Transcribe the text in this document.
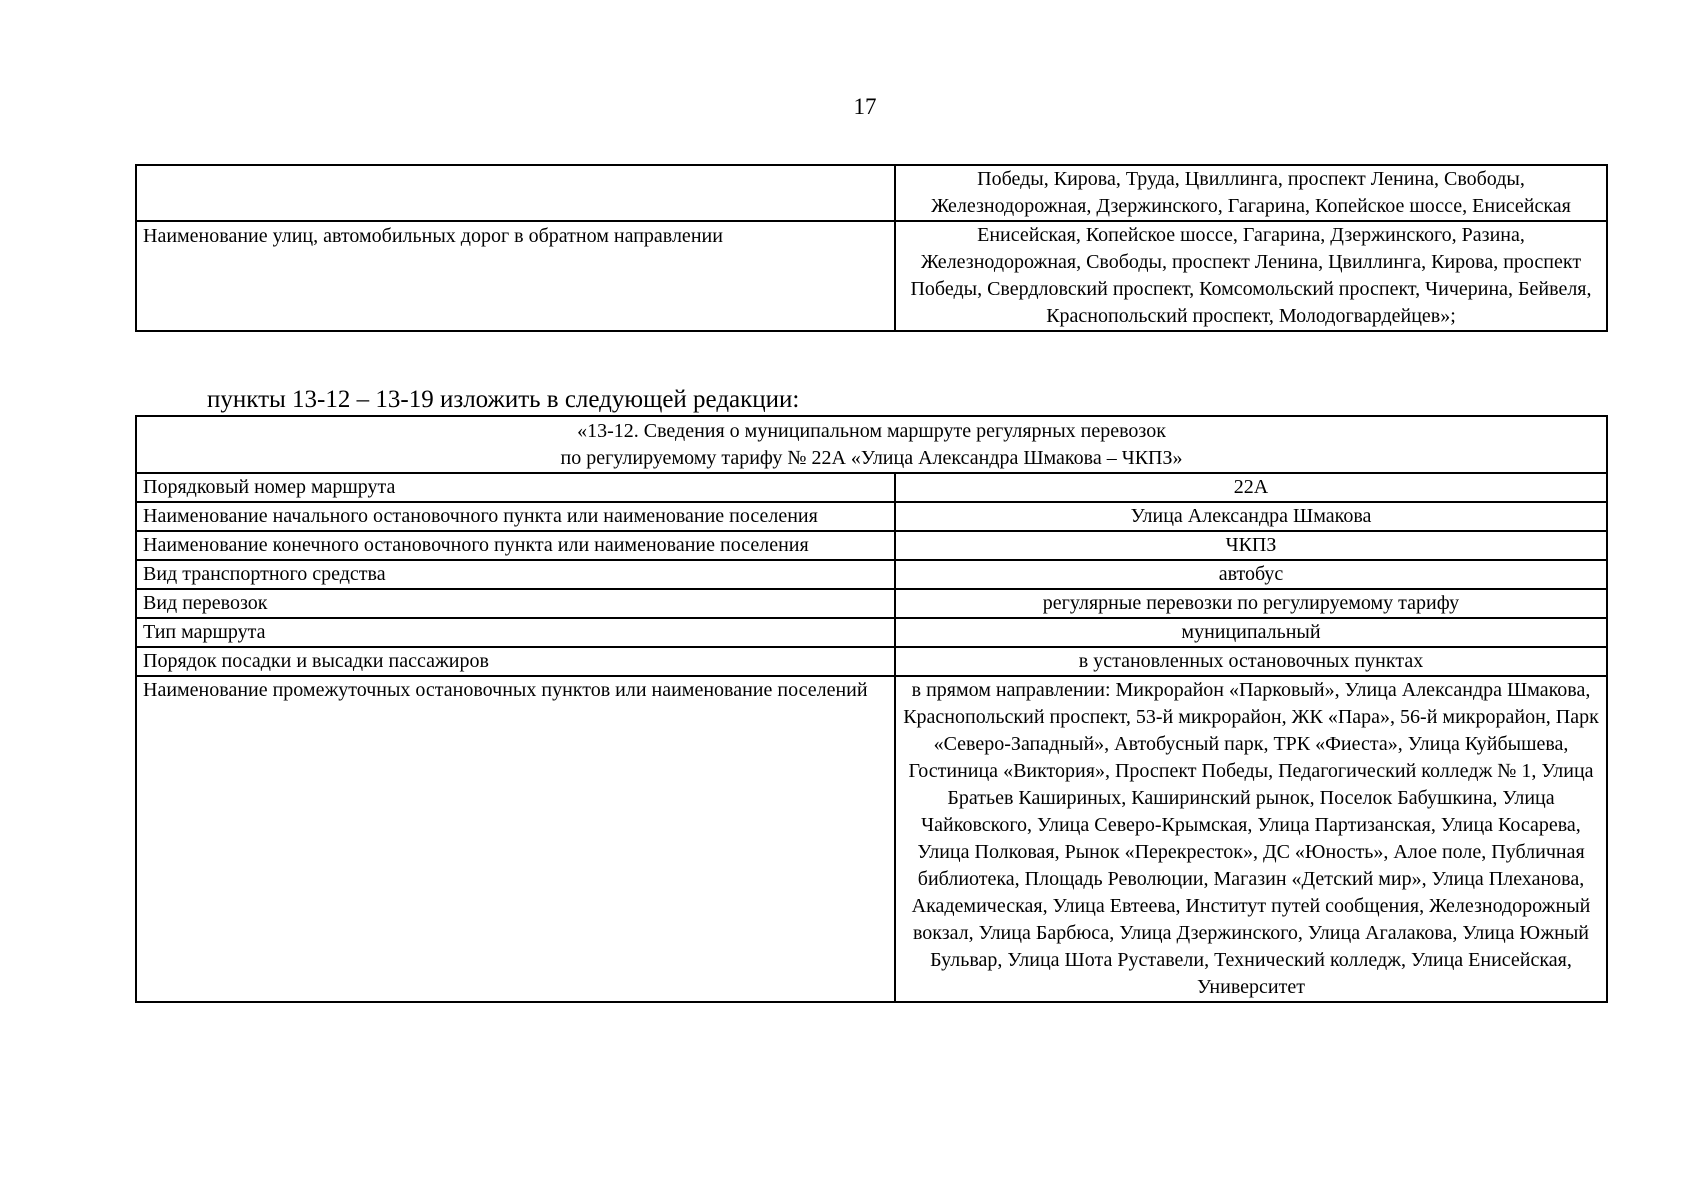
17
	Победы, Кирова, Труда, Цвиллинга, проспект Ленина, Свободы, Железнодорожная, Дзержинского, Гагарина, Копейское шоссе, Енисейская
Наименование улиц, автомобильных дорог в обратном направлении	Енисейская, Копейское шоссе, Гагарина, Дзержинского, Разина, Железнодорожная, Свободы, проспект Ленина, Цвиллинга, Кирова, проспект Победы, Свердловский проспект, Комсомольский проспект, Чичерина, Бейвеля, Краснопольский проспект, Молодогвардейцев»;
пункты 13-12 – 13-19 изложить в следующей редакции:
«13-12. Сведения о муниципальном маршруте регулярных перевозок
по регулируемому тарифу № 22А «Улица Александра Шмакова – ЧКПЗ»	

Порядковый номер маршрута	22А
Наименование начального остановочного пункта или наименование поселения	Улица Александра Шмакова
Наименование конечного остановочного пункта или наименование поселения	ЧКПЗ
Вид транспортного средства	автобус
Вид перевозок	регулярные перевозки по регулируемому тарифу
Тип маршрута	муниципальный
Порядок посадки и высадки пассажиров	в установленных остановочных пунктах
Наименование промежуточных остановочных пунктов или наименование поселений	в прямом направлении: Микрорайон «Парковый», Улица Александра Шмакова, Краснопольский проспект, 53-й микрорайон, ЖК «Пара», 56-й микрорайон, Парк «Северо-Западный», Автобусный парк, ТРК «Фиеста», Улица Куйбышева, Гостиница «Виктория», Проспект Победы, Педагогический колледж № 1, Улица Братьев Кашириных, Каширинский рынок, Поселок Бабушкина, Улица Чайковского, Улица Северо-Крымская, Улица Партизанская, Улица Косарева, Улица Полковая, Рынок «Перекресток», ДС «Юность», Алое поле, Публичная библиотека, Площадь Революции, Магазин «Детский мир», Улица Плеханова, Академическая, Улица Евтеева, Институт путей сообщения, Железнодорожный вокзал, Улица Барбюса, Улица Дзержинского, Улица Агалакова, Улица Южный Бульвар, Улица Шота Руставели, Технический колледж, Улица Енисейская, Университет
